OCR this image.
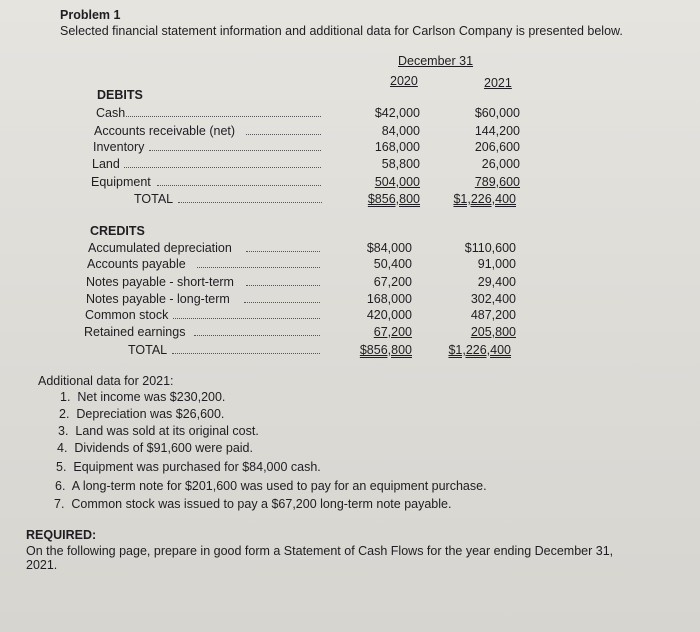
Problem 1
Selected financial statement information and additional data for Carlson Company is presented below.
December 31
2020	2021
DEBITS
Cash	$42,000	$60,000
Accounts receivable (net)	84,000	144,200
Inventory	168,000	206,600
Land	58,800	26,000
Equipment	504,000	789,600
TOTAL	$856,800	$1,226,400
CREDITS
Accumulated depreciation	$84,000	$110,600
Accounts payable	50,400	91,000
Notes payable - short-term	67,200	29,400
Notes payable - long-term	168,000	302,400
Common stock	420,000	487,200
Retained earnings	67,200	205,800
TOTAL	$856,800	$1,226,400
Additional data for 2021:
1. Net income was $230,200.
2. Depreciation was $26,600.
3. Land was sold at its original cost.
4. Dividends of $91,600 were paid.
5. Equipment was purchased for $84,000 cash.
6. A long-term note for $201,600 was used to pay for an equipment purchase.
7. Common stock was issued to pay a $67,200 long-term note payable.
REQUIRED:
On the following page, prepare in good form a Statement of Cash Flows for the year ending December 31,
2021.
